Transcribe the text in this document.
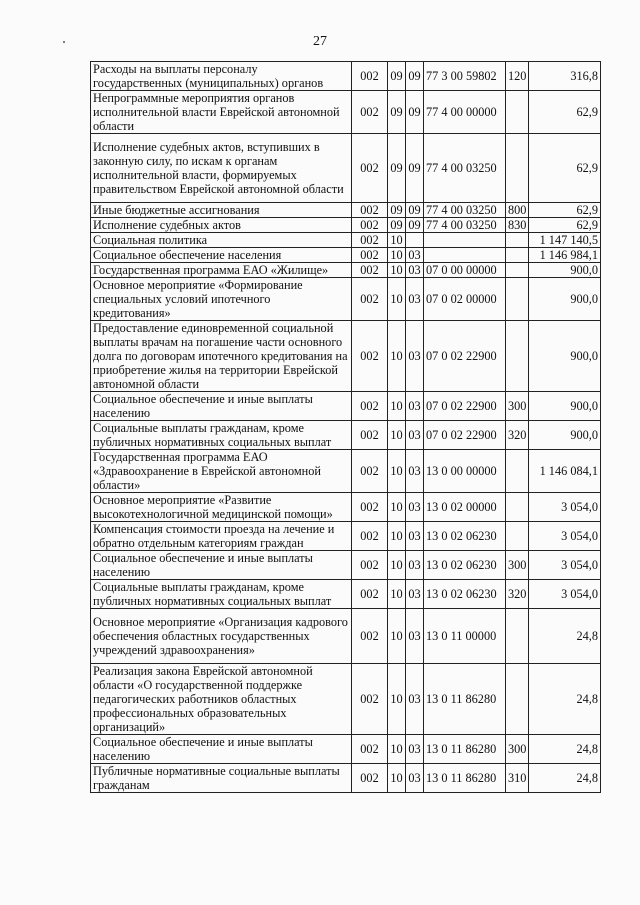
27
Расходы на выплаты персоналу государственных (муниципальных) органов	002	09	09	77 3 00 59802	120	316,8
Непрограммные мероприятия органов исполнительной власти Еврейской автономной области	002	09	09	77 4 00 00000		62,9
Исполнение судебных актов, вступивших в законную силу, по искам к органам исполнительной власти, формируемых правительством Еврейской автономной области	002	09	09	77 4 00 03250		62,9
Иные бюджетные ассигнования	002	09	09	77 4 00 03250	800	62,9
Исполнение судебных актов	002	09	09	77 4 00 03250	830	62,9
Социальная политика	002	10				1 147 140,5
Социальное обеспечение населения	002	10	03			1 146 984,1
Государственная программа ЕАО «Жилище»	002	10	03	07 0 00 00000		900,0
Основное мероприятие «Формирование специальных условий ипотечного кредитования»	002	10	03	07 0 02 00000		900,0
Предоставление единовременной социальной выплаты врачам на погашение части основного долга по договорам ипотечного кредитования на приобретение жилья на территории Еврейской автономной области	002	10	03	07 0 02 22900		900,0
Социальное обеспечение и иные выплаты населению	002	10	03	07 0 02 22900	300	900,0
Социальные выплаты гражданам, кроме публичных нормативных социальных выплат	002	10	03	07 0 02 22900	320	900,0
Государственная программа ЕАО «Здравоохранение в Еврейской автономной области»	002	10	03	13 0 00 00000		1 146 084,1
Основное мероприятие «Развитие высокотехнологичной медицинской помощи»	002	10	03	13 0 02 00000		3 054,0
Компенсация стоимости проезда на лечение и обратно отдельным категориям граждан	002	10	03	13 0 02 06230		3 054,0
Социальное обеспечение и иные выплаты населению	002	10	03	13 0 02 06230	300	3 054,0
Социальные выплаты гражданам, кроме публичных нормативных социальных выплат	002	10	03	13 0 02 06230	320	3 054,0
Основное мероприятие «Организация кадрового обеспечения областных государственных учреждений здравоохранения»	002	10	03	13 0 11 00000		24,8
Реализация закона Еврейской автономной области «О государственной поддержке педагогических работников областных профессиональных образовательных организаций»	002	10	03	13 0 11 86280		24,8
Социальное обеспечение и иные выплаты населению	002	10	03	13 0 11 86280	300	24,8
Публичные нормативные социальные выплаты гражданам	002	10	03	13 0 11 86280	310	24,8
